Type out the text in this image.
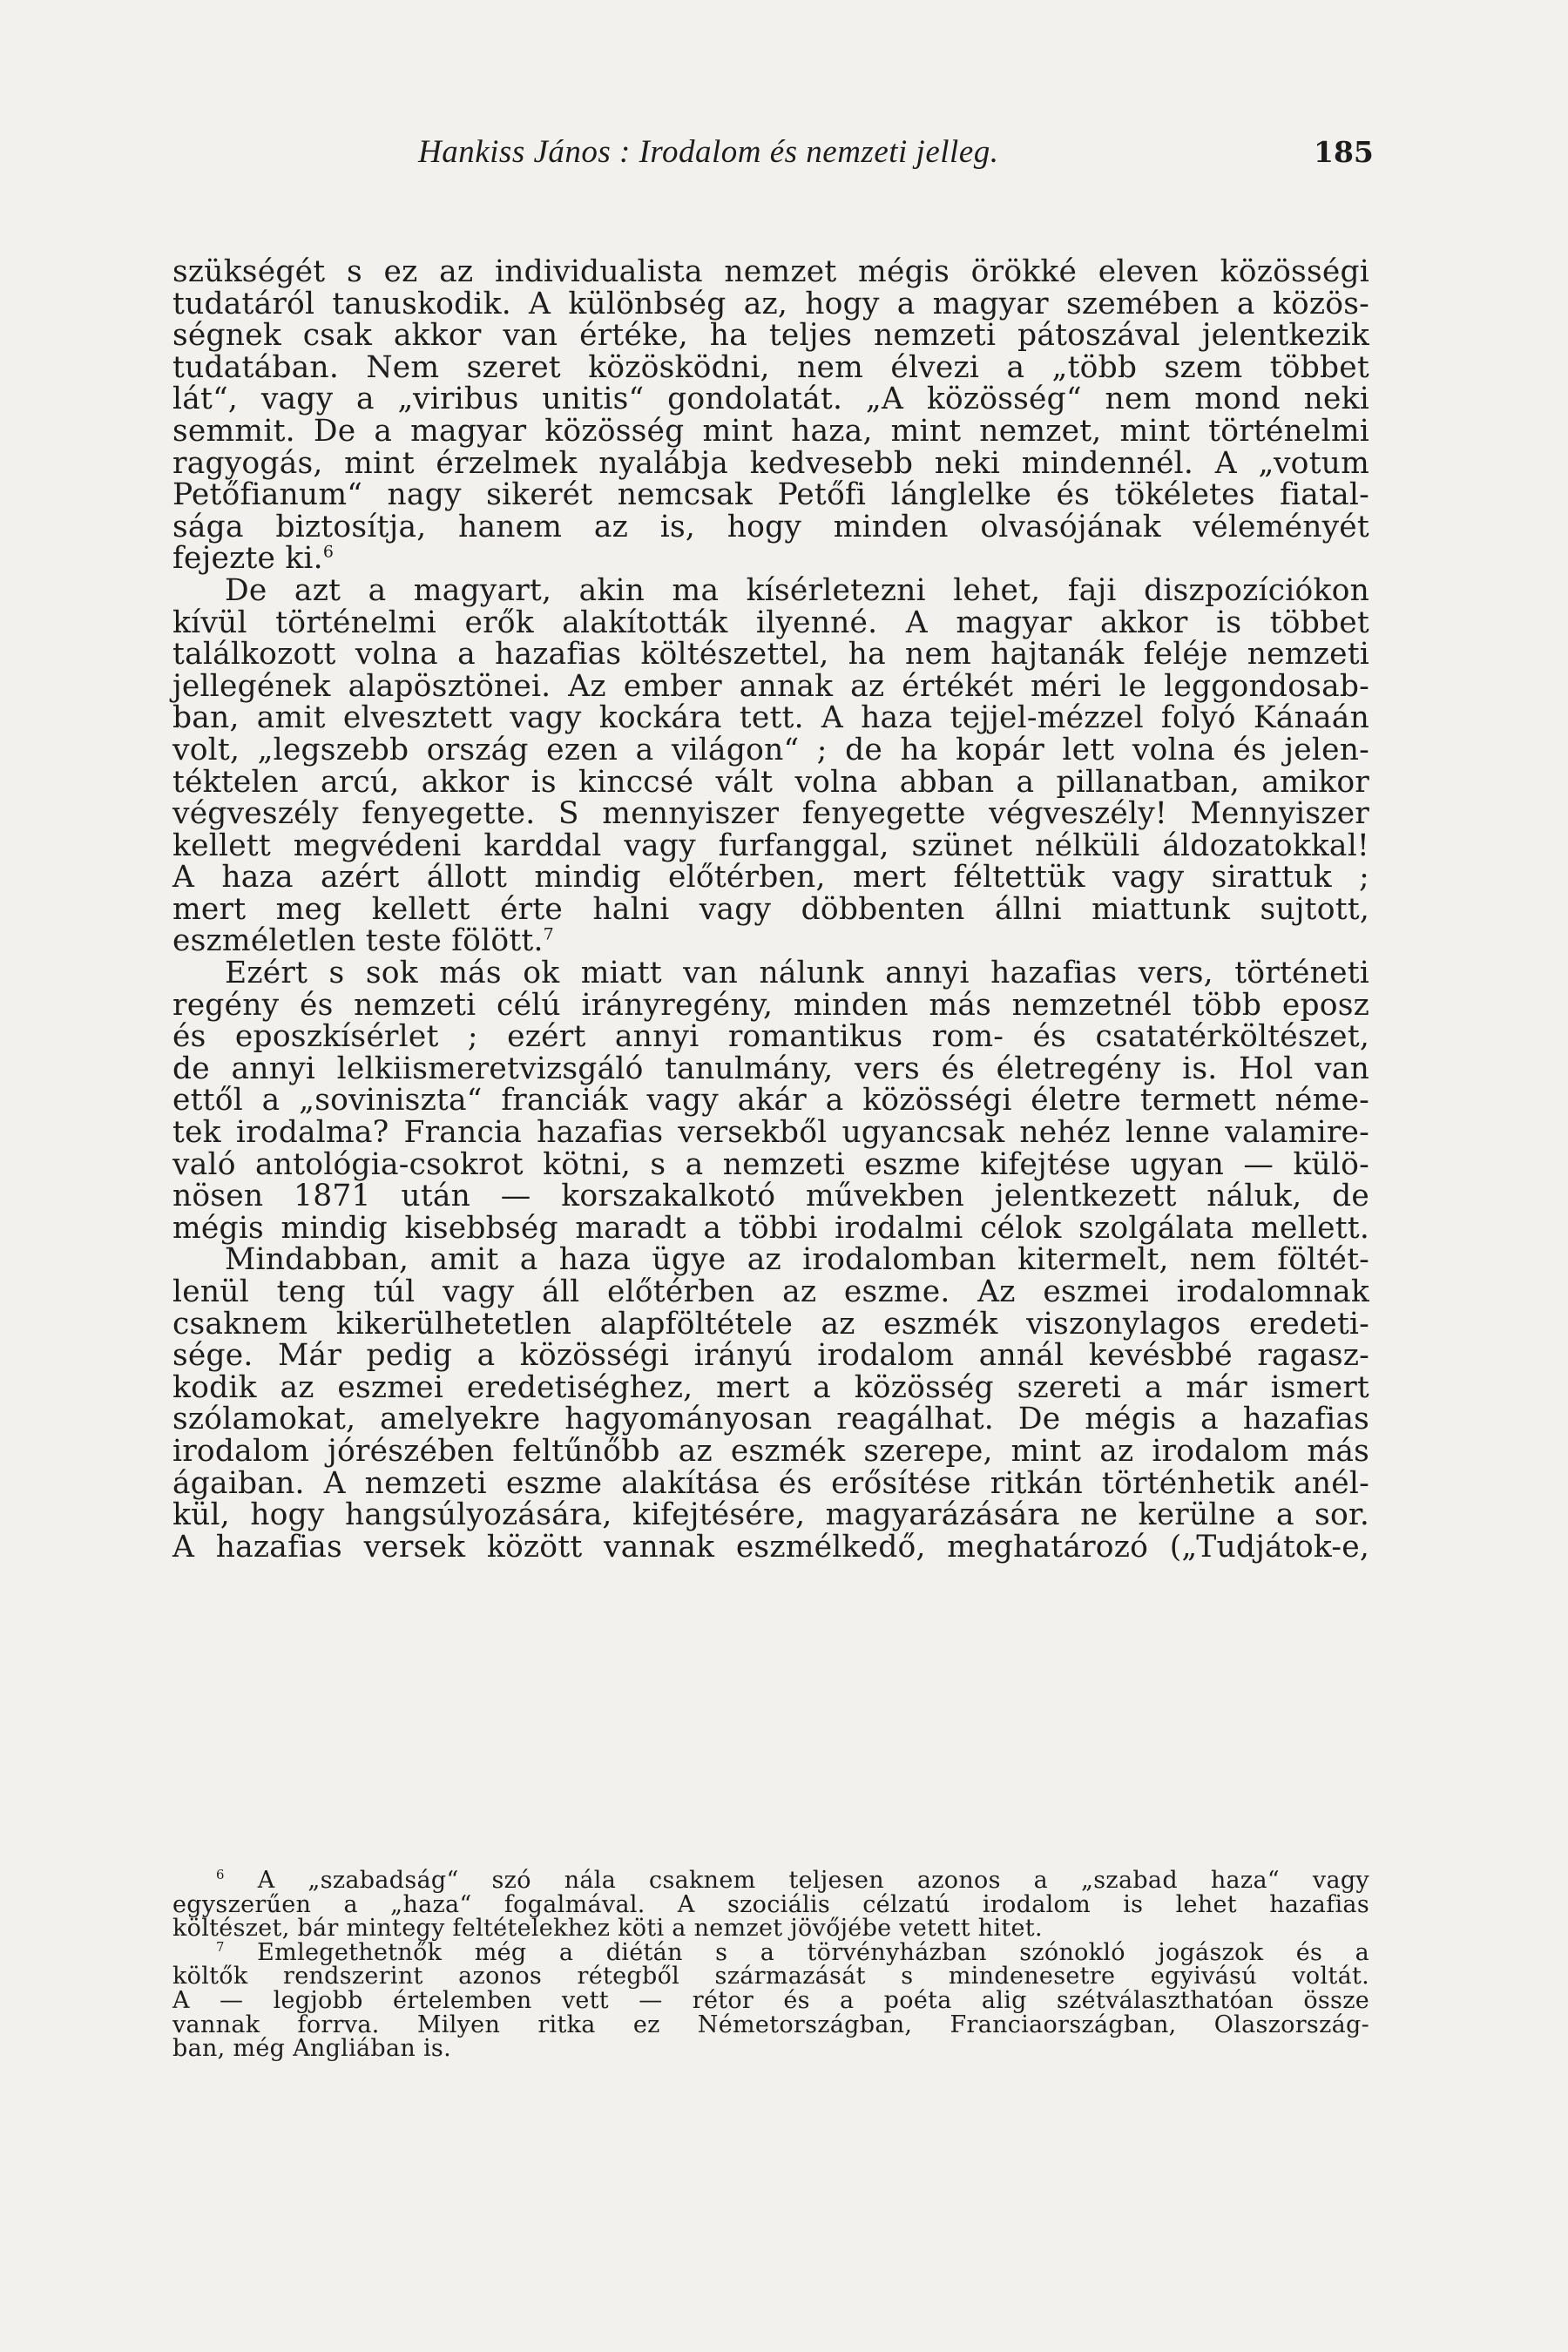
Hankiss János : Irodalom és nemzeti jelleg.	185
szükségét s ez az individualista nemzet mégis örökké eleven közösségi
tudatáról tanuskodik. A különbség az, hogy a magyar szemében a közös-
ségnek csak akkor van értéke, ha teljes nemzeti pátoszával jelentkezik
tudatában. Nem szeret közösködni, nem élvezi a „több szem többet
lát“, vagy a „viribus unitis“ gondolatát. „A közösség“ nem mond neki
semmit. De a magyar közösség mint haza, mint nemzet, mint történelmi
ragyogás, mint érzelmek nyalábja kedvesebb neki mindennél. A „votum
Petőfianum“ nagy sikerét nemcsak Petőfi lánglelke és tökéletes fiatal-
sága biztosítja, hanem az is, hogy minden olvasójának véleményét
fejezte ki.$^6$
De azt a magyart, akin ma kísérletezni lehet, faji diszpozíciókon
kívül történelmi erők alakították ilyenné. A magyar akkor is többet
találkozott volna a hazafias költészettel, ha nem hajtanák feléje nemzeti
jellegének alapösztönei. Az ember annak az értékét méri le leggondosab-
ban, amit elvesztett vagy kockára tett. A haza tejjel-mézzel folyó Kánaán
volt, „legszebb ország ezen a világon“ ; de ha kopár lett volna és jelen-
téktelen arcú, akkor is kinccsé vált volna abban a pillanatban, amikor
végveszély fenyegette. S mennyiszer fenyegette végveszély! Mennyiszer
kellett megvédeni karddal vagy furfanggal, szünet nélküli áldozatokkal!
A haza azért állott mindig előtérben, mert féltettük vagy sirattuk ;
mert meg kellett érte halni vagy döbbenten állni miattunk sujtott,
eszméletlen teste fölött.$^7$
Ezért s sok más ok miatt van nálunk annyi hazafias vers, történeti
regény és nemzeti célú irányregény, minden más nemzetnél több eposz
és eposzkísérlet ; ezért annyi romantikus rom- és csatatérköltészet,
de annyi lelkiismeretvizsgáló tanulmány, vers és életregény is. Hol van
ettől a „soviniszta“ franciák vagy akár a közösségi életre termett néme-
tek irodalma? Francia hazafias versekből ugyancsak nehéz lenne valamire-
való antológia-csokrot kötni, s a nemzeti eszme kifejtése ugyan — külö-
nösen 1871 után — korszakalkotó művekben jelentkezett náluk, de
mégis mindig kisebbség maradt a többi irodalmi célok szolgálata mellett.
Mindabban, amit a haza ügye az irodalomban kitermelt, nem föltét-
lenül teng túl vagy áll előtérben az eszme. Az eszmei irodalomnak
csaknem kikerülhetetlen alapföltétele az eszmék viszonylagos eredeti-
sége. Már pedig a közösségi irányú irodalom annál kevésbbé ragasz-
kodik az eszmei eredetiséghez, mert a közösség szereti a már ismert
szólamokat, amelyekre hagyományosan reagálhat. De mégis a hazafias
irodalom jórészében feltűnőbb az eszmék szerepe, mint az irodalom más
ágaiban. A nemzeti eszme alakítása és erősítése ritkán történhetik anél-
kül, hogy hangsúlyozására, kifejtésére, magyarázására ne kerülne a sor.
A hazafias versek között vannak eszmélkedő, meghatározó („Tudjátok-e,
$^6$ A „szabadság“ szó nála csaknem teljesen azonos a „szabad haza“ vagy
egyszerűen a „haza“ fogalmával. A szociális célzatú irodalom is lehet hazafias
költészet, bár mintegy feltételekhez köti a nemzet jövőjébe vetett hitet.
$^7$ Emlegethetnők még a diétán s a törvényházban szónokló jogászok és a
költők rendszerint azonos rétegből származását s mindenesetre egyivású voltát.
A — legjobb értelemben vett — rétor és a poéta alig szétválaszthatóan össze
vannak forrva. Milyen ritka ez Németországban, Franciaországban, Olaszország-
ban, még Angliában is.
